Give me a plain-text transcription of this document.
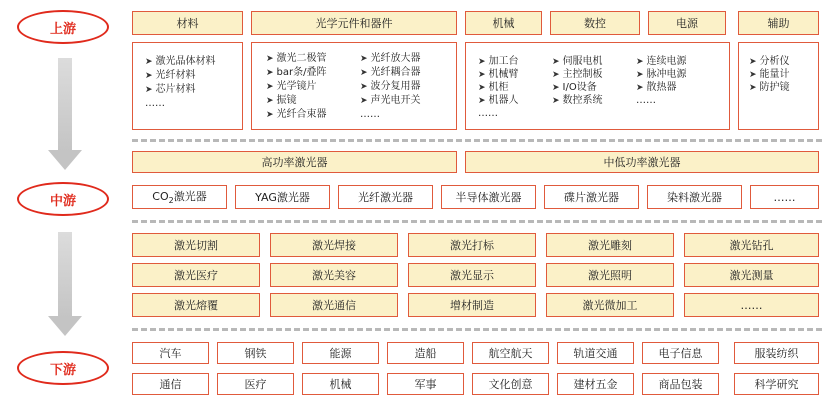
上游
中游
下游
材料
➤ 激光晶体材料
➤ 光纤材料
➤ 芯片材料
……
光学元件和器件
➤ 激光二极管
➤ bar条/叠阵
➤ 光学镜片
➤ 振镜
➤ 光纤合束器
➤ 光纤放大器
➤ 光纤耦合器
➤ 波分复用器
➤ 声光电开关
……
机械	数控	电源
➤ 加工台
➤ 机械臂
➤ 机柜
➤ 机器人
……
➤ 伺服电机
➤ 主控制板
➤ I/O设备
➤ 数控系统
➤ 连续电源
➤ 脉冲电源
➤ 散热器
……
辅助
➤ 分析仪
➤ 能量计
➤ 防护镜
高功率激光器	中低功率激光器
$CO_2$激光器	YAG激光器	光纤激光器	半导体激光器	碟片激光器	染料激光器	……
激光切割	激光焊接	激光打标	激光雕刻	激光钻孔
激光医疗	激光美容	激光显示	激光照明	激光测量
激光熔覆	激光通信	增材制造	激光微加工	……
汽车	钢铁	能源	造船	航空航天	轨道交通	电子信息	服装纺织
通信	医疗	机械	军事	文化创意	建材五金	商品包装	科学研究
